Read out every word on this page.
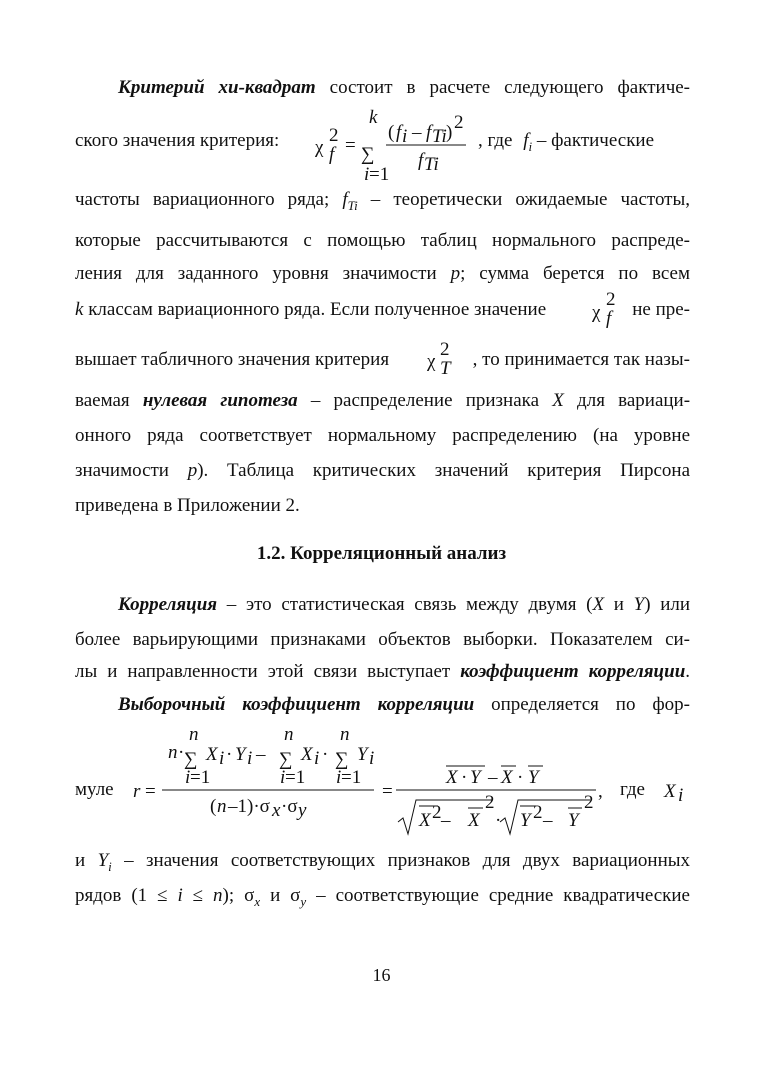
Критерий хи-квадрат состоит в расчете следующего фактиче-
ского значения критерия:	, где $f_i$ – фактические
частоты вариационного ряда; $f_{Ti}$ – теоретически ожидаемые частоты,
которые рассчитываются с помощью таблиц нормального распреде-
ления для заданного уровня значимости p; сумма берется по всем
k классам вариационного ряда. Если полученное значение	не пре-
вышает табличного значения критерия	, то принимается так назы-
ваемая нулевая гипотеза – распределение признака X для вариаци-
онного ряда соответствует нормальному распределению (на уровне
значимости p). Таблица критических значений критерия Пирсона
приведена в Приложении 2.
1.2. Корреляционный анализ
Корреляция – это статистическая связь между двумя (X и Y) или
более варьирующими признаками объектов выборки. Показателем си-
лы и направленности этой связи выступает коэффициент корреляции.
Выборочный коэффициент корреляции определяется по фор-
муле	где
и $Y_i$ – значения соответствующих признаков для двух вариационных
рядов (1 ≤ i ≤ n); $\sigma_x$ и $\sigma_y$ – соответствующие средние квадратические
16
χ
2
f =
k
∑
i =1
( f i – f Ti ) 2
f Ti
χ
2
f
χ
2
T
r =
n ·
n
∑
i =1
X i · Y i –
n
∑
i =1
X i ·
n
∑
i =1
Y i
( n –1)·σ x ·σ y
=
X · Y – X · Y
X 2 – X
2
· Y 2 – Y
2
,	X i
